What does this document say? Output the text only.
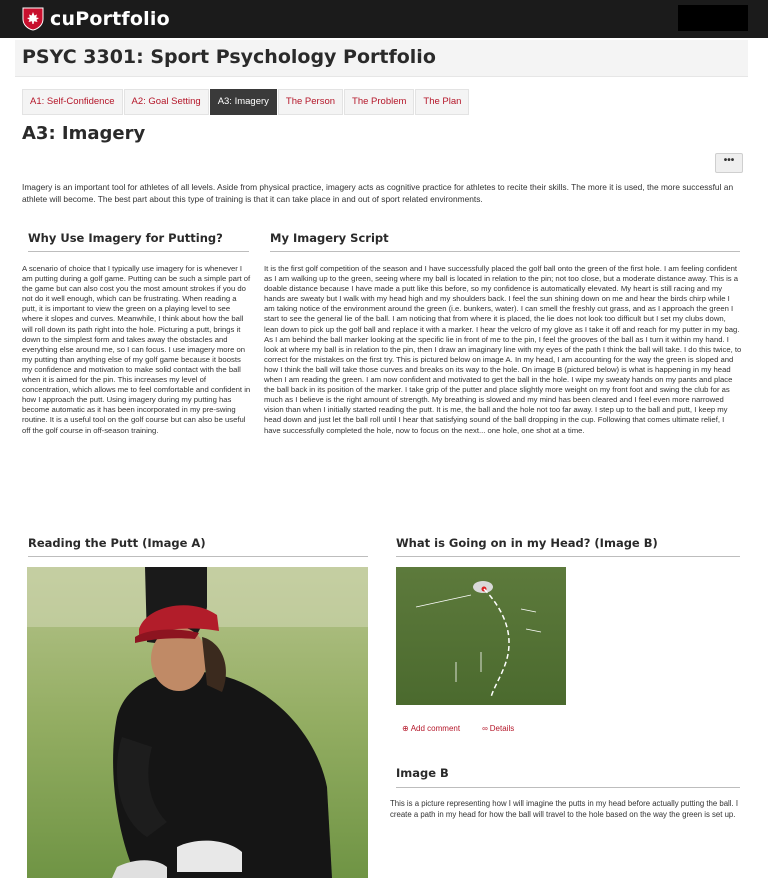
cuPortfolio
PSYC 3301: Sport Psychology Portfolio
A1: Self-Confidence	A2: Goal Setting	A3: Imagery	The Person	The Problem	The Plan
A3: Imagery
•••
Imagery is an important tool for athletes of all levels. Aside from physical practice, imagery acts as cognitive practice for athletes to recite their skills. The more it is used, the more successful an athlete will become. The best part about this type of training is that it can take place in and out of sport related environments.
Why Use Imagery for Putting?
A scenario of choice that I typically use imagery for is whenever I am putting during a golf game. Putting can be such a simple part of the game but can also cost you the most amount strokes if you do not do it well enough, which can be frustrating. When reading a putt, it is important to view the green on a playing level to see where it slopes and curves. Meanwhile, I think about how the ball will roll down its path right into the hole. Picturing a putt, brings it down to the simplest form and takes away the obstacles and everything else around me, so I can focus. I use imagery more on my putting than anything else of my golf game because it boosts my confidence and motivation to make solid contact with the ball when it is aimed for the pin. This increases my level of concentration, which allows me to feel comfortable and confident in how I approach the putt. Using imagery during my putting has become automatic as it has been incorporated in my pre-swing routine. It is a useful tool on the golf course but can also be useful off the golf course in off-season training.
My Imagery Script
It is the first golf competition of the season and I have successfully placed the golf ball onto the green of the first hole. I am feeling confident as I am walking up to the green, seeing where my ball is located in relation to the pin; not too close, but a moderate distance away. This is a doable distance because I have made a putt like this before, so my confidence is automatically elevated. My heart is still racing and my hands are sweaty but I walk with my head high and my shoulders back. I feel the sun shining down on me and hear the birds chirp while I am taking notice of the environment around the green (i.e. bunkers, water). I can smell the freshly cut grass, and as I approach the green I start to see the general lie of the ball. I am noticing that from where it is placed, the lie does not look too difficult but I set my clubs down, lean down to pick up the golf ball and replace it with a marker. I hear the velcro of my glove as I take it off and reach for my putter in my bag. As I am behind the ball marker looking at the specific lie in front of me to the pin, I feel the grooves of the ball as I turn it within my hand. I look at where my ball is in relation to the pin, then I draw an imaginary line with my eyes of the path I think the ball will take. I do this twice, to correct for the mistakes on the first try. This is pictured below on image A. In my head, I am accounting for the way the green is sloped and how I think the ball will take those curves and breaks on its way to the hole. On image B (pictured below) is what is happening in my head when I am reading the green. I am now confident and motivated to get the ball in the hole. I wipe my sweaty hands on my pants and place the ball back in its position of the marker. I take grip of the putter and place slightly more weight on my front foot and swing the club for as much as I believe is the right amount of strength. My breathing is slowed and my mind has been cleared and I feel even more narrowed vision than when I initially started reading the putt. It is me, the ball and the hole not too far away. I step up to the ball and putt, I keep my head down and just let the ball roll until I hear that satisfying sound of the ball dropping in the cup. Following that comes ultimate relief, I have successfully completed the hole, now to focus on the next... one hole, one shot at a time.
Reading the Putt (Image A)	What is Going on in my Head? (Image B)
⊕ Add comment	∞ Details
Image B
This is a picture representing how I will imagine the putts in my head before actually putting the ball. I create a path in my head for how the ball will travel to the hole based on the way the green is set up.
